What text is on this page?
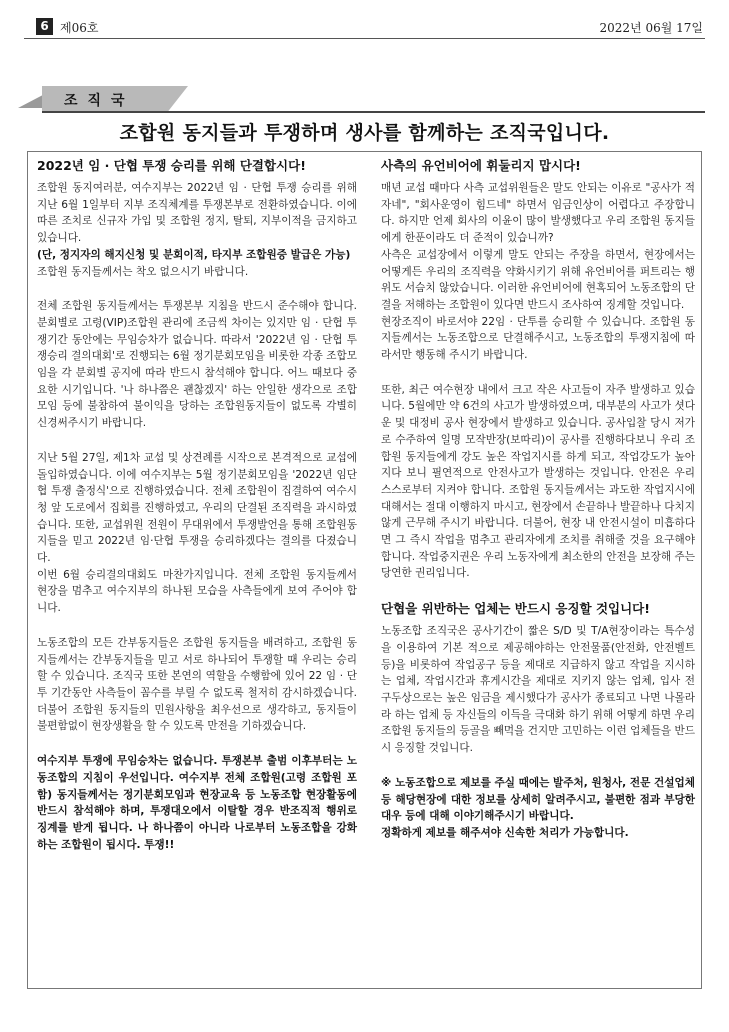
6 제06호	2022년 06월 17일
조직국
조합원 동지들과 투쟁하며 생사를 함께하는 조직국입니다.
2022년 임 · 단협 투쟁 승리를 위해 단결합시다!

조합원 동지여러분, 여수지부는 2022년 임 · 단협 투쟁 승리를 위해 지난 6월 1일부터 지부 조직체계를 투쟁본부로 전환하였습니다. 이에 따른 조치로 신규자 가입 및 조합원 정지, 탈퇴, 지부이적을 금지하고 있습니다.

(단, 정지자의 해지신청 및 분회이적, 타지부 조합원증 발급은 가능)

조합원 동지들께서는 착오 없으시기 바랍니다.

전체 조합원 동지들께서는 투쟁본부 지침을 반드시 준수해야 합니다. 분회별로 고령(VIP)조합원 관리에 조금씩 차이는 있지만 임 · 단협 투쟁기간 동안에는 무임승차가 없습니다. 따라서 '2022년 임 · 단협 투쟁승리 결의대회'로 진행되는 6월 정기분회모임을 비롯한 각종 조합모임을 각 분회별 공지에 따라 반드시 참석해야 합니다. 어느 때보다 중요한 시기입니다. '나 하나쯤은 괜찮겠지' 하는 안일한 생각으로 조합모임 등에 불참하여 불이익을 당하는 조합원동지들이 없도록 각별히 신경써주시기 바랍니다.

지난 5월 27일, 제1차 교섭 및 상견례를 시작으로 본격적으로 교섭에 돌입하였습니다. 이에 여수지부는 5월 정기분회모임을 '2022년 임단협 투쟁 출정식'으로 진행하였습니다. 전체 조합원이 집결하여 여수시청 앞 도로에서 집회를 진행하였고, 우리의 단결된 조직력을 과시하였습니다. 또한, 교섭위원 전원이 무대위에서 투쟁발언을 통해 조합원동지들을 믿고 2022년 임·단협 투쟁을 승리하겠다는 결의를 다졌습니다.

이번 6월 승리결의대회도 마찬가지입니다. 전체 조합원 동지들께서 현장을 멈추고 여수지부의 하나된 모습을 사측들에게 보여 주어야 합니다.

노동조합의 모든 간부동지들은 조합원 동지들을 배려하고, 조합원 동지들께서는 간부동지들을 믿고 서로 하나되어 투쟁할 때 우리는 승리할 수 있습니다. 조직국 또한 본연의 역할을 수행함에 있어 22 임 · 단투 기간동안 사측들이 꼼수를 부릴 수 없도록 철저히 감시하겠습니다. 더불어 조합원 동지들의 민원사항을 최우선으로 생각하고, 동지들이 불편함없이 현장생활을 할 수 있도록 만전을 기하겠습니다.

여수지부 투쟁에 무임승차는 없습니다. 투쟁본부 출범 이후부터는 노동조합의 지침이 우선입니다. 여수지부 전체 조합원(고령 조합원 포함) 동지들께서는 정기분회모임과 현장교육 등 노동조합 현장활동에 반드시 참석해야 하며, 투쟁대오에서 이탈할 경우 반조직적 행위로 징계를 받게 됩니다. 나 하나쯤이 아니라 나로부터 노동조합을 강화하는 조합원이 됩시다. 투쟁!!

사측의 유언비어에 휘둘리지 맙시다!

매년 교섭 때마다 사측 교섭위원들은 말도 안되는 이유로 "공사가 적자네", "회사운영이 힘드네" 하면서 임금인상이 어렵다고 주장합니다. 하지만 언제 회사의 이윤이 많이 발생했다고 우리 조합원 동지들에게 한푼이라도 더 준적이 있습니까?

사측은 교섭장에서 이렇게 말도 안되는 주장을 하면서, 현장에서는 어떻게든 우리의 조직력을 약화시키기 위해 유언비어를 퍼트리는 행위도 서슴치 않았습니다. 이러한 유언비어에 현혹되어 노동조합의 단결을 저해하는 조합원이 있다면 반드시 조사하여 징계할 것입니다.

현장조직이 바로서야 22임 · 단투를 승리할 수 있습니다. 조합원 동지들께서는 노동조합으로 단결해주시고, 노동조합의 투쟁지침에 따라서만 행동해 주시기 바랍니다.

또한, 최근 여수현장 내에서 크고 작은 사고들이 자주 발생하고 있습니다. 5월에만 약 6건의 사고가 발생하였으며, 대부분의 사고가 셧다운 및 대정비 공사 현장에서 발생하고 있습니다. 공사입찰 당시 저가로 수주하여 일명 모작반장(보따리)이 공사를 진행하다보니 우리 조합원 동지들에게 강도 높은 작업지시를 하게 되고, 작업강도가 높아지다 보니 필연적으로 안전사고가 발생하는 것입니다. 안전은 우리 스스로부터 지켜야 합니다. 조합원 동지들께서는 과도한 작업지시에 대해서는 절대 이행하지 마시고, 현장에서 손끝하나 발끝하나 다치지 않게 근무해 주시기 바랍니다. 더불어, 현장 내 안전시설이 미흡하다면 그 즉시 작업을 멈추고 관리자에게 조치를 취해줄 것을 요구해야 합니다. 작업중지권은 우리 노동자에게 최소한의 안전을 보장해 주는 당연한 권리입니다.

단협을 위반하는 업체는 반드시 응징할 것입니다!

노동조합 조직국은 공사기간이 짧은 S/D 및 T/A현장이라는 특수성을 이용하여 기본 적으로 제공해야하는 안전물품(안전화, 안전벨트 등)을 비롯하여 작업공구 등을 제대로 지급하지 않고 작업을 지시하는 업체, 작업시간과 휴게시간을 제대로 지키지 않는 업체, 입사 전 구두상으로는 높은 임금을 제시했다가 공사가 종료되고 나면 나몰라라 하는 업체 등 자신들의 이득을 극대화 하기 위해 어떻게 하면 우리 조합원 동지들의 등골을 빼먹을 건지만 고민하는 이런 업체들을 반드시 응징할 것입니다.

※ 노동조합으로 제보를 주실 때에는 발주처, 원청사, 전문 건설업체 등 해당현장에 대한 정보를 상세히 알려주시고, 불편한 점과 부당한 대우 등에 대해 이야기해주시기 바랍니다.

정확하게 제보를 해주셔야 신속한 처리가 가능합니다.
